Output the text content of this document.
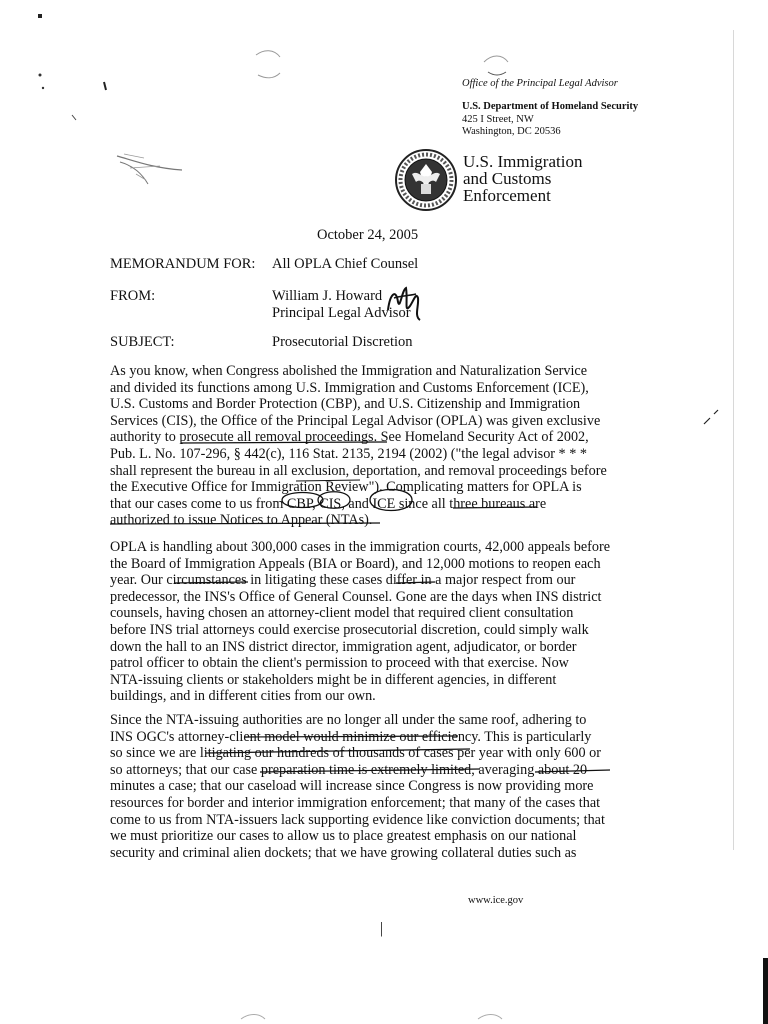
Office of the Principal Legal Advisor
U.S. Department of Homeland Security
425 I Street, NW
Washington, DC 20536
U.S. Immigration
and Customs
Enforcement
October 24, 2005
MEMORANDUM FOR: All OPLA Chief Counsel
FROM:	William J. Howard
Principal Legal Advisor
SUBJECT:	Prosecutorial Discretion
As you know, when Congress abolished the Immigration and Naturalization Service
and divided its functions among U.S. Immigration and Customs Enforcement (ICE),
U.S. Customs and Border Protection (CBP), and U.S. Citizenship and Immigration
Services (CIS), the Office of the Principal Legal Advisor (OPLA) was given exclusive
authority to prosecute all removal proceedings. See Homeland Security Act of 2002,
Pub. L. No. 107-296, § 442(c), 116 Stat. 2135, 2194 (2002) ("the legal advisor * * *
shall represent the bureau in all exclusion, deportation, and removal proceedings before
the Executive Office for Immigration Review"). Complicating matters for OPLA is
that our cases come to us from CBP, CIS, and ICE since all three bureaus are
authorized to issue Notices to Appear (NTAs).
OPLA is handling about 300,000 cases in the immigration courts, 42,000 appeals before
the Board of Immigration Appeals (BIA or Board), and 12,000 motions to reopen each
year. Our circumstances in litigating these cases differ in a major respect from our
predecessor, the INS's Office of General Counsel. Gone are the days when INS district
counsels, having chosen an attorney-client model that required client consultation
before INS trial attorneys could exercise prosecutorial discretion, could simply walk
down the hall to an INS district director, immigration agent, adjudicator, or border
patrol officer to obtain the client's permission to proceed with that exercise. Now
NTA-issuing clients or stakeholders might be in different agencies, in different
buildings, and in different cities from our own.
Since the NTA-issuing authorities are no longer all under the same roof, adhering to
INS OGC's attorney-client model would minimize our efficiency. This is particularly
so since we are litigating our hundreds of thousands of cases per year with only 600 or
so attorneys; that our case preparation time is extremely limited, averaging about 20
minutes a case; that our caseload will increase since Congress is now providing more
resources for border and interior immigration enforcement; that many of the cases that
come to us from NTA-issuers lack supporting evidence like conviction documents; that
we must prioritize our cases to allow us to place greatest emphasis on our national
security and criminal alien dockets; that we have growing collateral duties such as
www.ice.gov
|
